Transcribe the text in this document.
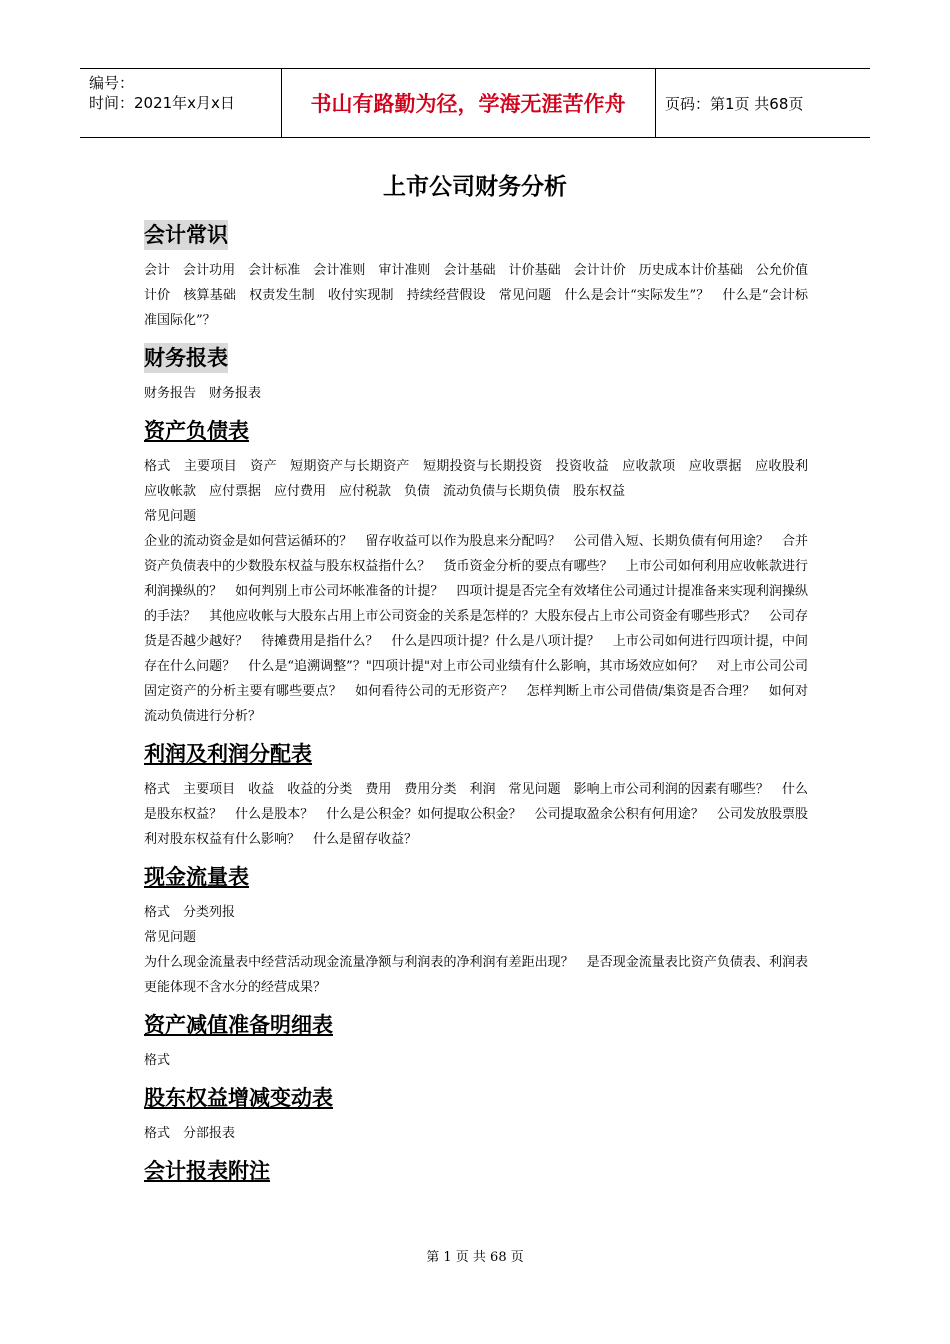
编号：
时间：2021年x月x日	书山有路勤为径，学海无涯苦作舟	页码：第1页 共68页
上市公司财务分析
会计常识

会计　会计功用　会计标准　会计准则　审计准则　会计基础　计价基础　会计计价　历史成本计价基础　公允价值计价　核算基础　权责发生制　收付实现制　持续经营假设　常见问题　什么是会计“实际发生”？　什么是“会计标准国际化”？

财务报表

财务报告　财务报表

资产负债表

格式　主要项目　资产　短期资产与长期资产　短期投资与长期投资　投资收益　应收款项　应收票据　应收股利　应收帐款　应付票据　应付费用　应付税款　负债　流动负债与长期负债　股东权益

常见问题

企业的流动资金是如何营运循环的？　留存收益可以作为股息来分配吗？　公司借入短、长期负债有何用途？　合并资产负债表中的少数股东权益与股东权益指什么？　货币资金分析的要点有哪些？　上市公司如何利用应收帐款进行利润操纵的？　如何判别上市公司坏帐准备的计提？　四项计提是否完全有效堵住公司通过计提准备来实现利润操纵的手法？　其他应收帐与大股东占用上市公司资金的关系是怎样的？大股东侵占上市公司资金有哪些形式？　公司存货是否越少越好？　待摊费用是指什么？　什么是四项计提？什么是八项计提？　上市公司如何进行四项计提，中间存在什么问题？　什么是“追溯调整”？"四项计提"对上市公司业绩有什么影响，其市场效应如何？　对上市公司公司固定资产的分析主要有哪些要点？　如何看待公司的无形资产？　怎样判断上市公司借债/集资是否合理？　如何对流动负债进行分析？

利润及利润分配表

格式　主要项目　收益　收益的分类　费用　费用分类　利润　常见问题　影响上市公司利润的因素有哪些？　什么是股东权益？　什么是股本？　什么是公积金？如何提取公积金？　公司提取盈余公积有何用途？　公司发放股票股利对股东权益有什么影响？　什么是留存收益？

现金流量表

格式　分类列报

常见问题

为什么现金流量表中经营活动现金流量净额与利润表的净利润有差距出现？　是否现金流量表比资产负债表、利润表更能体现不含水分的经营成果？

资产减值准备明细表

格式

股东权益增减变动表

格式　分部报表

会计报表附注
第 1 页 共 68 页
